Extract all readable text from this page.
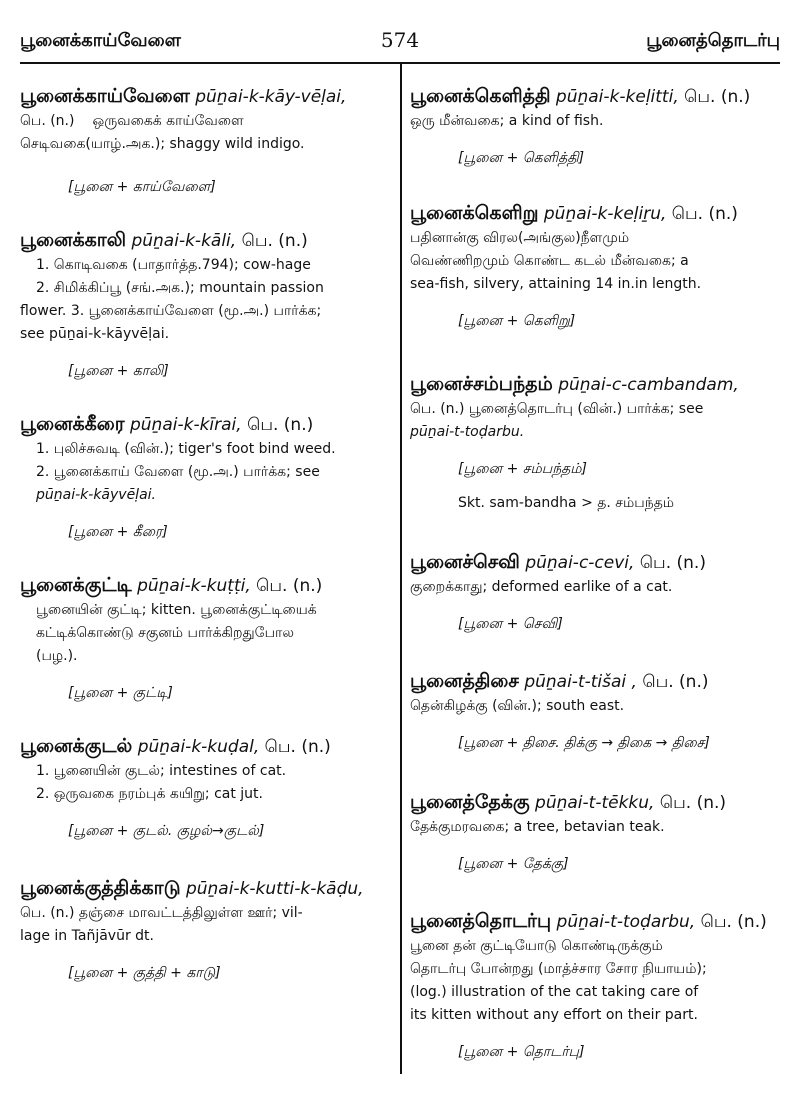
பூனைக்காய்வேளை	574	பூனைத்தொடர்பு
பூனைக்காய்வேளை pūṉai-k-kāy-vēḷai,
பெ. (n.) ஒருவகைக் காய்வேளை
செடிவகை(யாழ்.அக.); shaggy wild indigo.
[பூனை + காய்வேளை]
பூனைக்காலி pūṉai-k-kāli, பெ. (n.)
1. கொடிவகை (பாதார்த்த.794); cow-hage
2. சிமிக்கிப்பூ (சங்.அக.); mountain passion
flower. 3. பூனைக்காய்வேளை (மூ.அ.) பார்க்க;
see pūṉai-k-kāyvēḷai.
[பூனை + காலி]
பூனைக்கீரை pūṉai-k-kīrai, பெ. (n.)
1. புலிச்சுவடி (வின்.); tiger's foot bind weed.
2. பூனைக்காய் வேளை (மூ.அ.) பார்க்க; see
pūṉai-k-kāyvēḷai.
[பூனை + கீரை]
பூனைக்குட்டி pūṉai-k-kuṭṭi, பெ. (n.)
பூனையின் குட்டி; kitten. பூனைக்குட்டியைக்
கட்டிக்கொண்டு சகுனம் பார்க்கிறதுபோல
(பழ.).
[பூனை + குட்டி]
பூனைக்குடல் pūṉai-k-kuḍal, பெ. (n.)
1. பூனையின் குடல்; intestines of cat.
2. ஒருவகை நரம்புக் கயிறு; cat jut.
[பூனை + குடல். குழல்→குடல்]
பூனைக்குத்திக்காடு pūṉai-k-kutti-k-kāḍu,
பெ. (n.) தஞ்சை மாவட்டத்திலுள்ள ஊர்; vil-
lage in Tañjāvūr dt.
[பூனை + குத்தி + காடு]
பூனைக்கெளித்தி pūṉai-k-keḷitti, பெ. (n.)
ஒரு மீன்வகை; a kind of fish.
[பூனை + கெளித்தி]
பூனைக்கெளிறு pūṉai-k-keḷiṟu, பெ. (n.)
பதினான்கு விரல(அங்குல)நீளமும்
வெண்ணிறமும் கொண்ட கடல் மீன்வகை; a
sea-fish, silvery, attaining 14 in.in length.
[பூனை + கெளிறு]
பூனைச்சம்பந்தம் pūṉai-c-cambandam,
பெ. (n.) பூனைத்தொடர்பு (வின்.) பார்க்க; see
pūṉai-t-toḍarbu.
[பூனை + சம்பந்தம்]
Skt. sam-bandha > த. சம்பந்தம்
பூனைச்செவி pūṉai-c-cevi, பெ. (n.)
குறைக்காது; deformed earlike of a cat.
[பூனை + செவி]
பூனைத்திசை pūṉai-t-tišai , பெ. (n.)
தென்கிழக்கு (வின்.); south east.
[பூனை + திசை. திக்கு → திகை → திசை]
பூனைத்தேக்கு pūṉai-t-tēkku, பெ. (n.)
தேக்குமரவகை; a tree, betavian teak.
[பூனை + தேக்கு]
பூனைத்தொடர்பு pūṉai-t-toḍarbu, பெ. (n.)
பூனை தன் குட்டியோடு கொண்டிருக்கும்
தொடர்பு போன்றது (மாத்ச்சார சோர நியாயம்);
(log.) illustration of the cat taking care of
its kitten without any effort on their part.
[பூனை + தொடர்பு]
